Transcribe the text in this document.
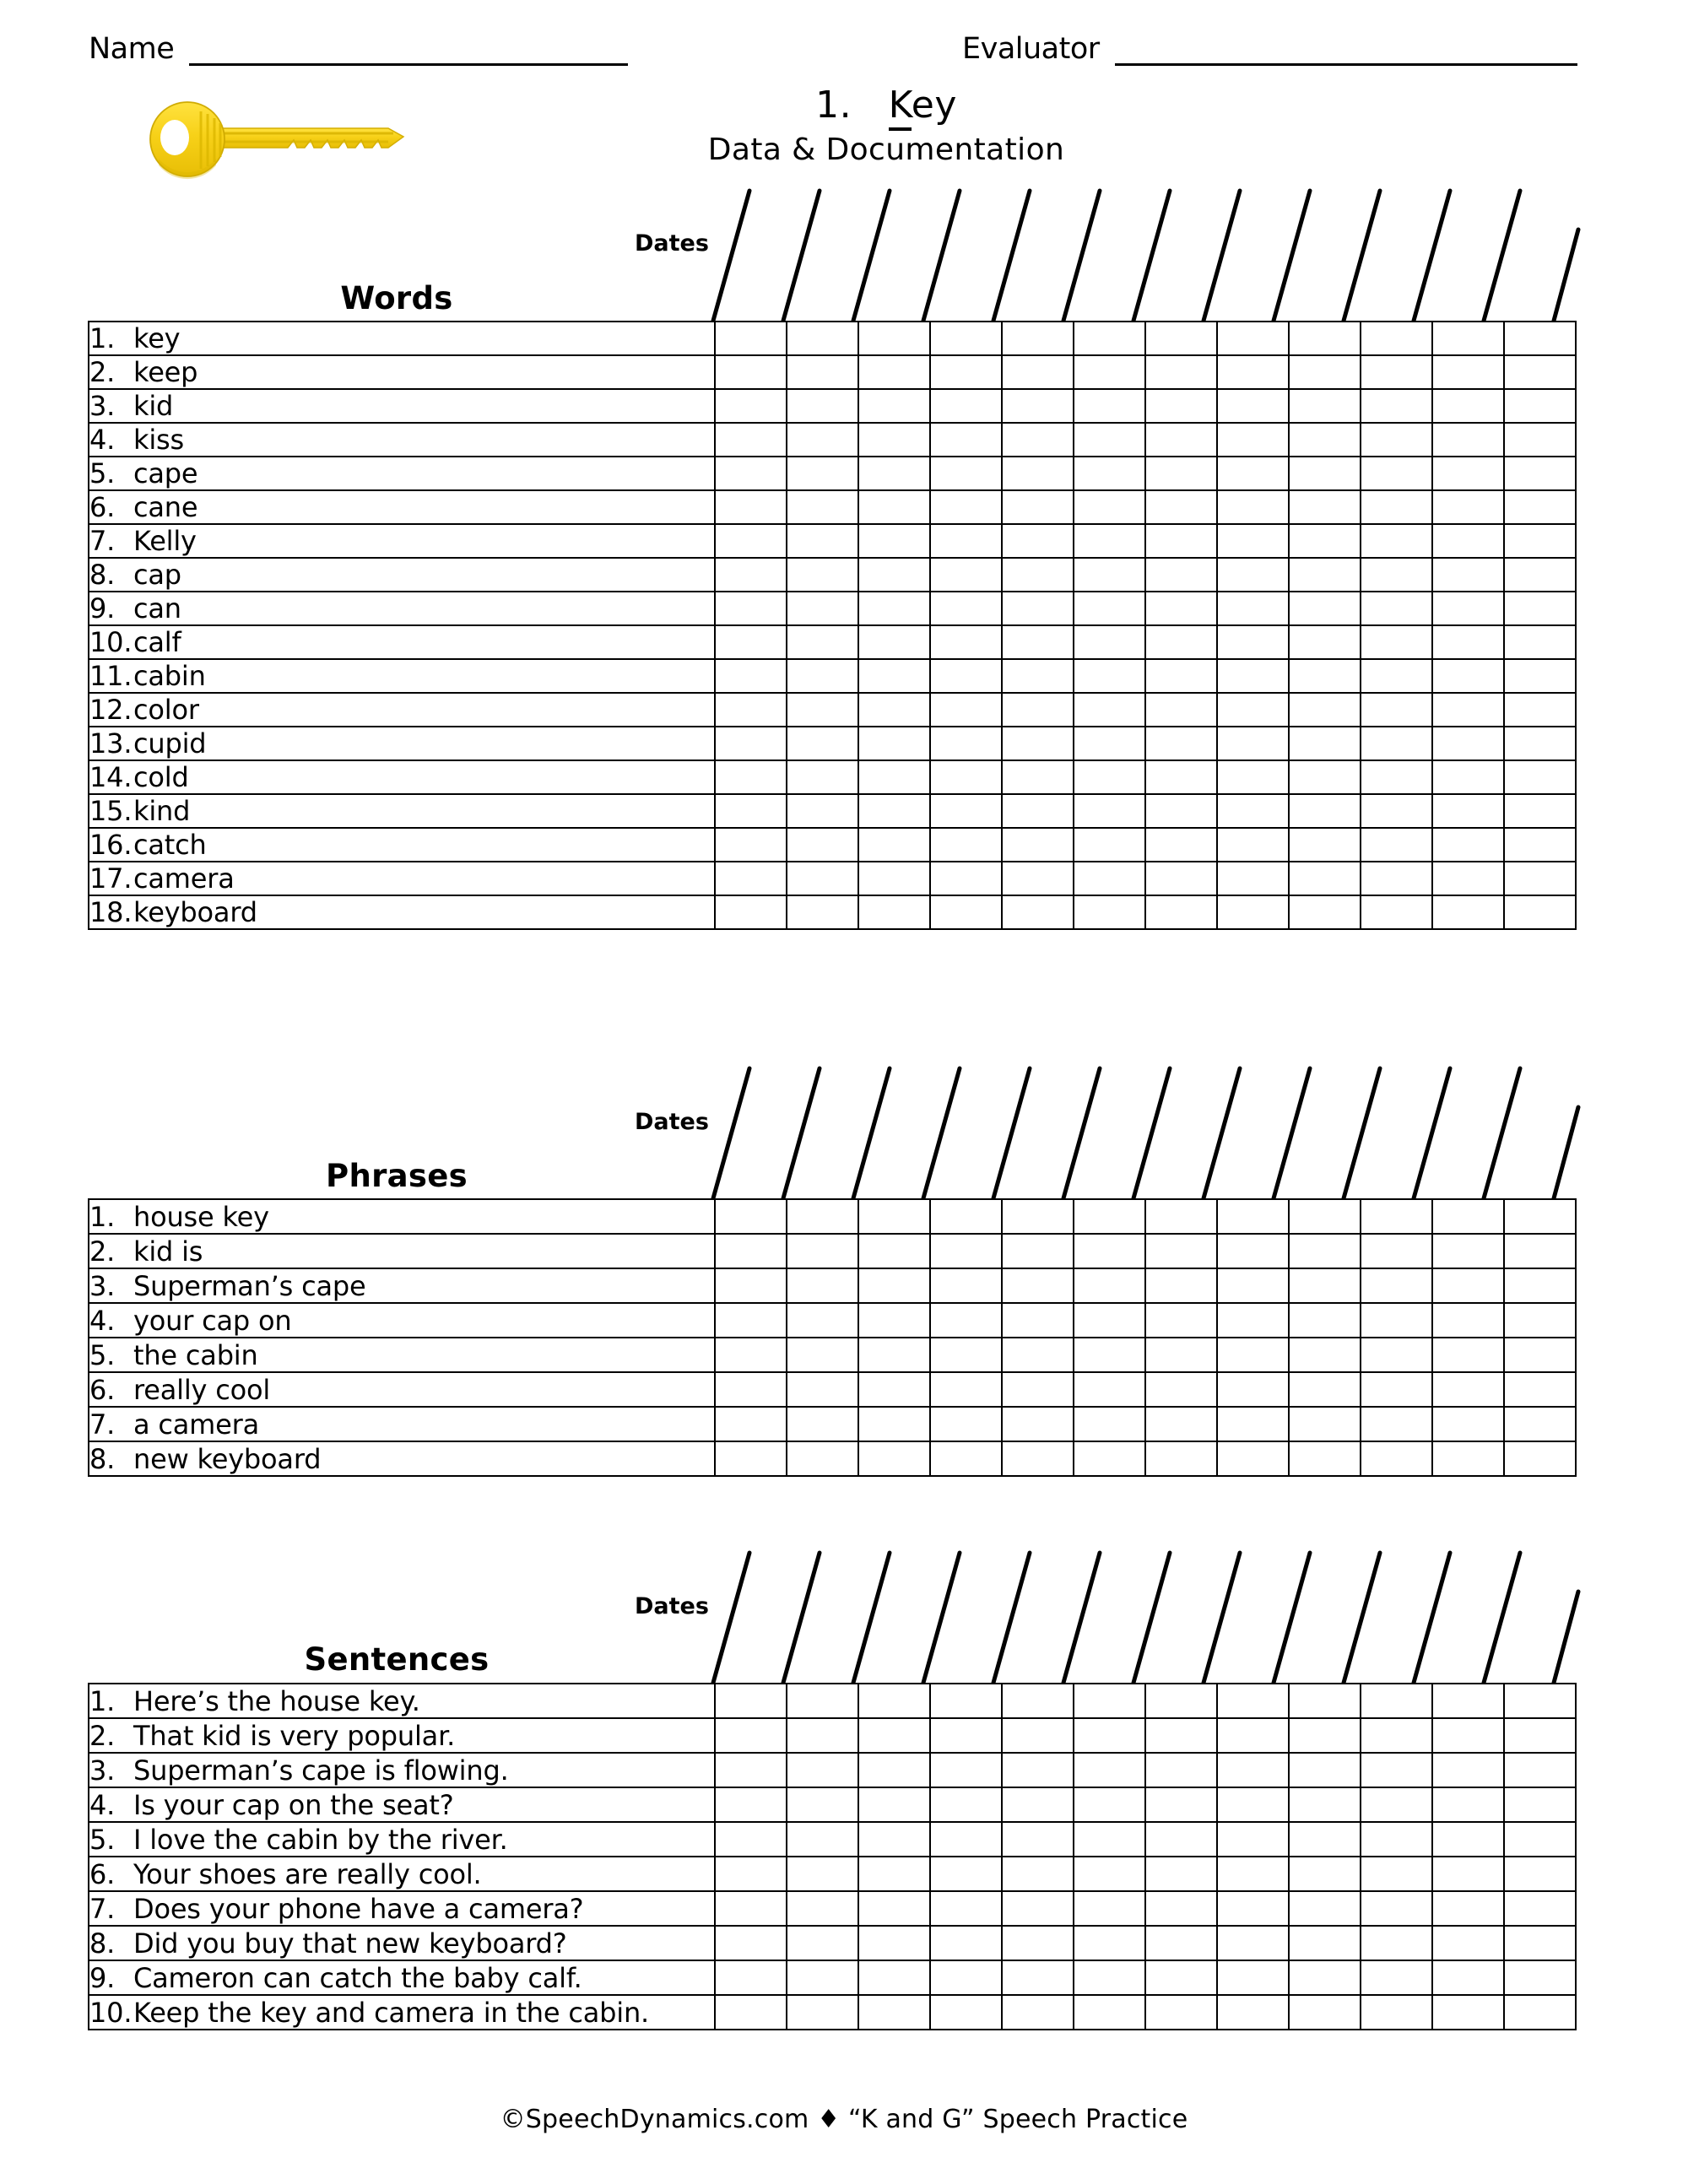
Name	Evaluator
1. Key
Data & Documentation
Dates
Words
1. key												
2. keep												
3. kid												
4. kiss												
5. cape												
6. cane												
7. Kelly												
8. cap												
9. can												
10.calf												
11.cabin												
12.color												
13.cupid												
14.cold												
15.kind												
16.catch												
17.camera												
18.keyboard												
Dates
Phrases
1. house key												
2. kid is												
3. Superman’s cape												
4. your cap on												
5. the cabin												
6. really cool												
7. a camera												
8. new keyboard												
Dates
Sentences
1. Here’s the house key.												
2. That kid is very popular.												
3. Superman’s cape is flowing.												
4. Is your cap on the seat?												
5. I love the cabin by the river.												
6. Your shoes are really cool.												
7. Does your phone have a camera?												
8. Did you buy that new keyboard?												
9. Cameron can catch the baby calf.												
10.Keep the key and camera in the cabin.												
©SpeechDynamics.com ♦ “K and G” Speech Practice
